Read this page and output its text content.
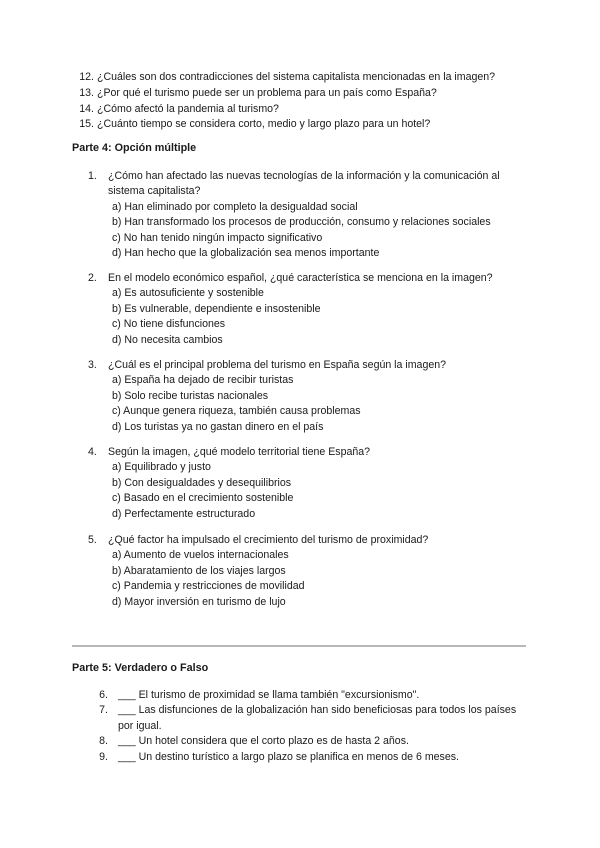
12. ¿Cuáles son dos contradicciones del sistema capitalista mencionadas en la imagen?
13. ¿Por qué el turismo puede ser un problema para un país como España?
14. ¿Cómo afectó la pandemia al turismo?
15. ¿Cuánto tiempo se considera corto, medio y largo plazo para un hotel?
Parte 4: Opción múltiple
1.	¿Cómo han afectado las nuevas tecnologías de la información y la comunicación al sistema capitalista?
a) Han eliminado por completo la desigualdad social
b) Han transformado los procesos de producción, consumo y relaciones sociales
c) No han tenido ningún impacto significativo
d) Han hecho que la globalización sea menos importante
2.	En el modelo económico español, ¿qué característica se menciona en la imagen?
a) Es autosuficiente y sostenible
b) Es vulnerable, dependiente e insostenible
c) No tiene disfunciones
d) No necesita cambios
3.	¿Cuál es el principal problema del turismo en España según la imagen?
a) España ha dejado de recibir turistas
b) Solo recibe turistas nacionales
c) Aunque genera riqueza, también causa problemas
d) Los turistas ya no gastan dinero en el país
4.	Según la imagen, ¿qué modelo territorial tiene España?
a) Equilibrado y justo
b) Con desigualdades y desequilibrios
c) Basado en el crecimiento sostenible
d) Perfectamente estructurado
5.	¿Qué factor ha impulsado el crecimiento del turismo de proximidad?
a) Aumento de vuelos internacionales
b) Abaratamiento de los viajes largos
c) Pandemia y restricciones de movilidad
d) Mayor inversión en turismo de lujo
Parte 5: Verdadero o Falso
6. ___ El turismo de proximidad se llama también "excursionismo".
7. ___ Las disfunciones de la globalización han sido beneficiosas para todos los países por igual.
8. ___ Un hotel considera que el corto plazo es de hasta 2 años.
9. ___ Un destino turístico a largo plazo se planifica en menos de 6 meses.
